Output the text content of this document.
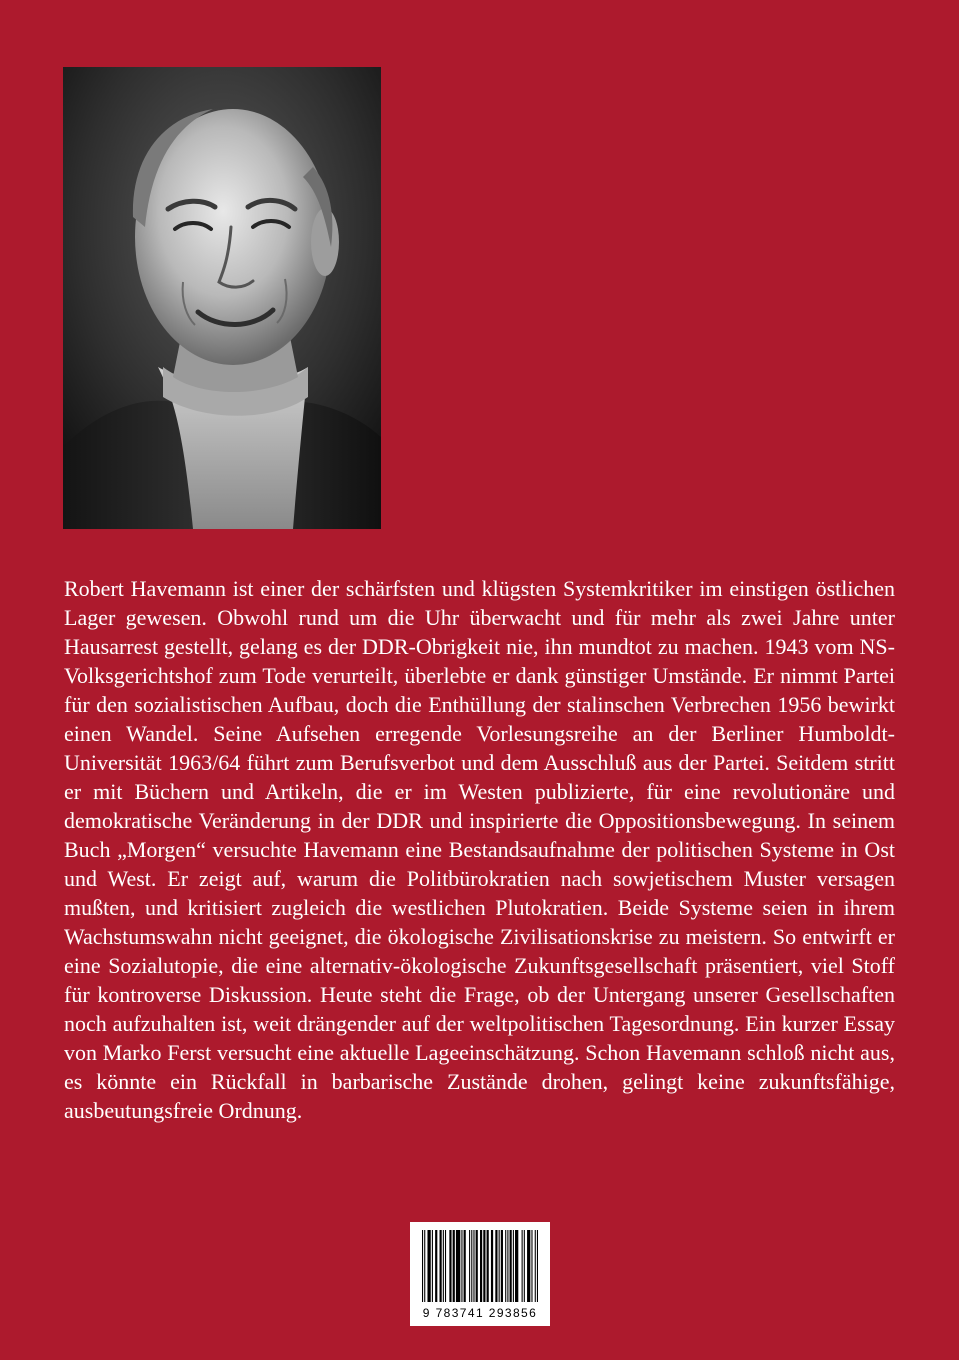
Robert Havemann ist einer der schärfsten und klügsten Systemkritiker im einstigen östlichen Lager gewesen. Obwohl rund um die Uhr überwacht und für mehr als zwei Jahre unter Hausarrest gestellt, gelang es der DDR-Obrigkeit nie, ihn mundtot zu machen. 1943 vom NS-Volksgerichtshof zum Tode verurteilt, überlebte er dank günstiger Umstände. Er nimmt Partei für den sozialistischen Aufbau, doch die Enthüllung der stalinschen Verbrechen 1956 bewirkt einen Wandel. Seine Aufsehen erregende Vorlesungsreihe an der Berliner Humboldt-Universität 1963/64 führt zum Berufsverbot und dem Ausschluß aus der Partei. Seitdem stritt er mit Büchern und Artikeln, die er im Westen publizierte, für eine revolutionäre und demokratische Veränderung in der DDR und inspirierte die Oppositionsbewegung. In seinem Buch „Morgen“ versuchte Havemann eine Bestandsaufnahme der politischen Systeme in Ost und West. Er zeigt auf, warum die Politbürokratien nach sowjetischem Muster versagen mußten, und kritisiert zugleich die westlichen Plutokratien. Beide Systeme seien in ihrem Wachstumswahn nicht geeignet, die ökologische Zivilisationskrise zu meistern. So entwirft er eine Sozialutopie, die eine alternativ-ökologische Zukunftsgesellschaft präsentiert, viel Stoff für kontroverse Diskussion. Heute steht die Frage, ob der Untergang unserer Gesellschaften noch aufzuhalten ist, weit drängender auf der weltpolitischen Tagesordnung. Ein kurzer Essay von Marko Ferst versucht eine aktuelle Lageeinschätzung. Schon Havemann schloß nicht aus, es könnte ein Rückfall in barbarische Zustände drohen, gelingt keine zukunftsfähige, ausbeutungsfreie Ordnung.

9 783741 293856
